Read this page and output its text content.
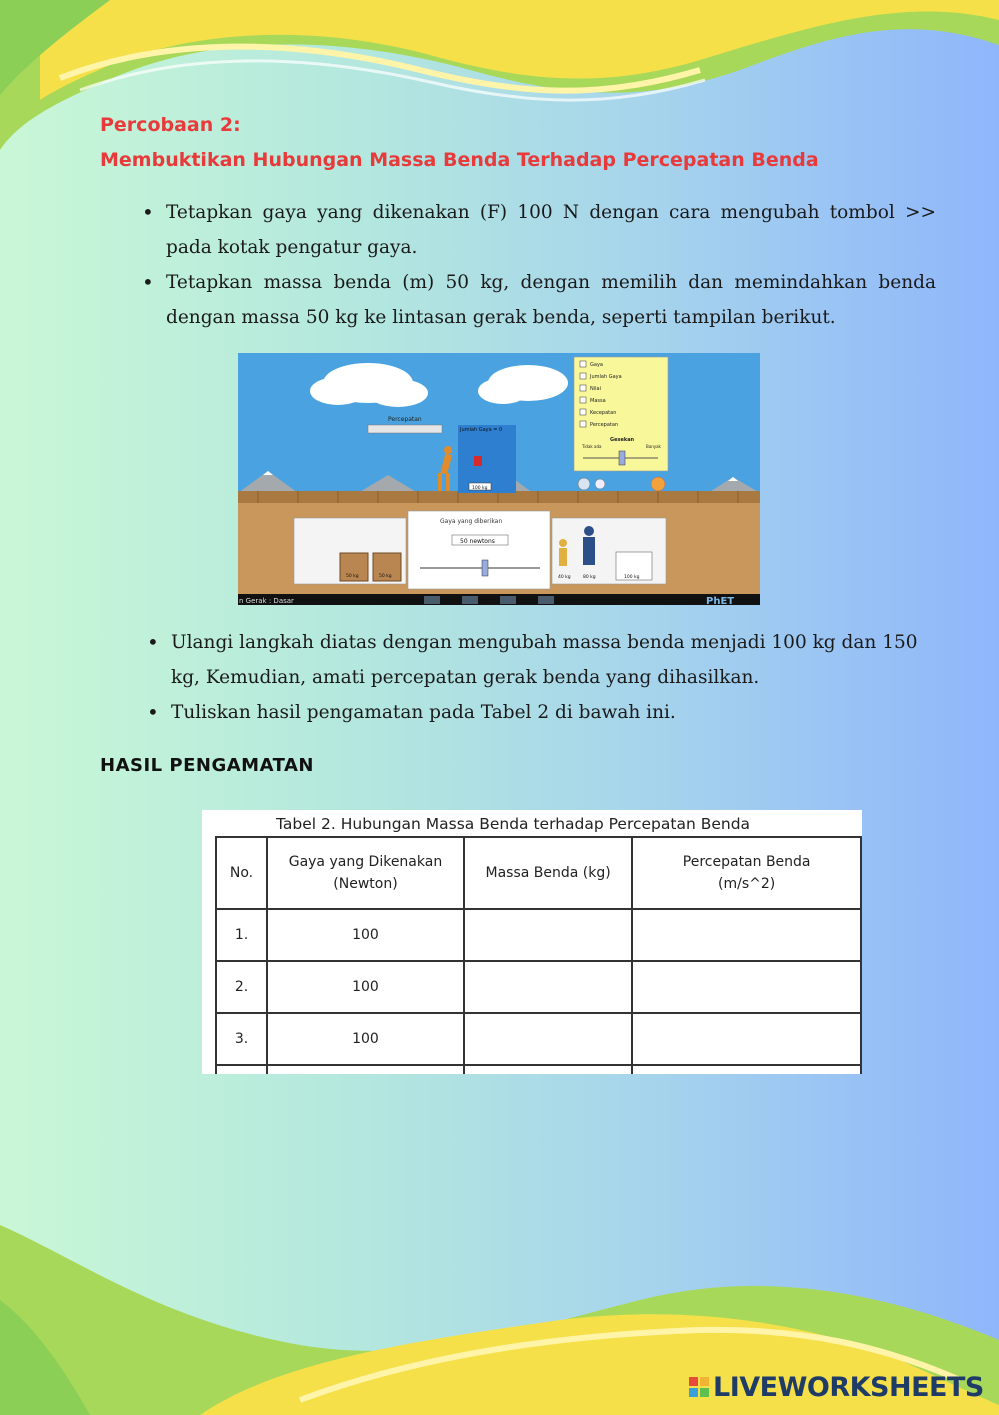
Percobaan 2:
Membuktikan Hubungan Massa Benda Terhadap Percepatan Benda
• Tetapkan gaya yang dikenakan (F) 100 N dengan cara mengubah tombol >> pada kotak pengatur gaya.
• Tetapkan massa benda (m) 50 kg, dengan memilih dan memindahkan benda dengan massa 50 kg ke lintasan gerak benda, seperti tampilan berikut.
Percepatan
Jumlah Gaya = 0
100 kg
Gaya
Jumlah Gaya
Nilai
Massa
Kecepatan
Percepatan
Gesekan
Tidak ada	Banyak
50 kg	50 kg
Gaya yang diberikan
50 newtons
40 kg	80 kg	100 kg
n Gerak : Dasar	PhET
• Ulangi langkah diatas dengan mengubah massa benda menjadi 100 kg dan 150 kg, Kemudian, amati percepatan gerak benda yang dihasilkan.
• Tuliskan hasil pengamatan pada Tabel 2 di bawah ini.
HASIL PENGAMATAN
Tabel 2. Hubungan Massa Benda terhadap Percepatan Benda
No.	Gaya yang Dikenakan (Newton)	Massa Benda (kg)	Percepatan Benda (m/s^2)
1.	100		
2.	100		
3.	100		

LIVEWORKSHEETS
